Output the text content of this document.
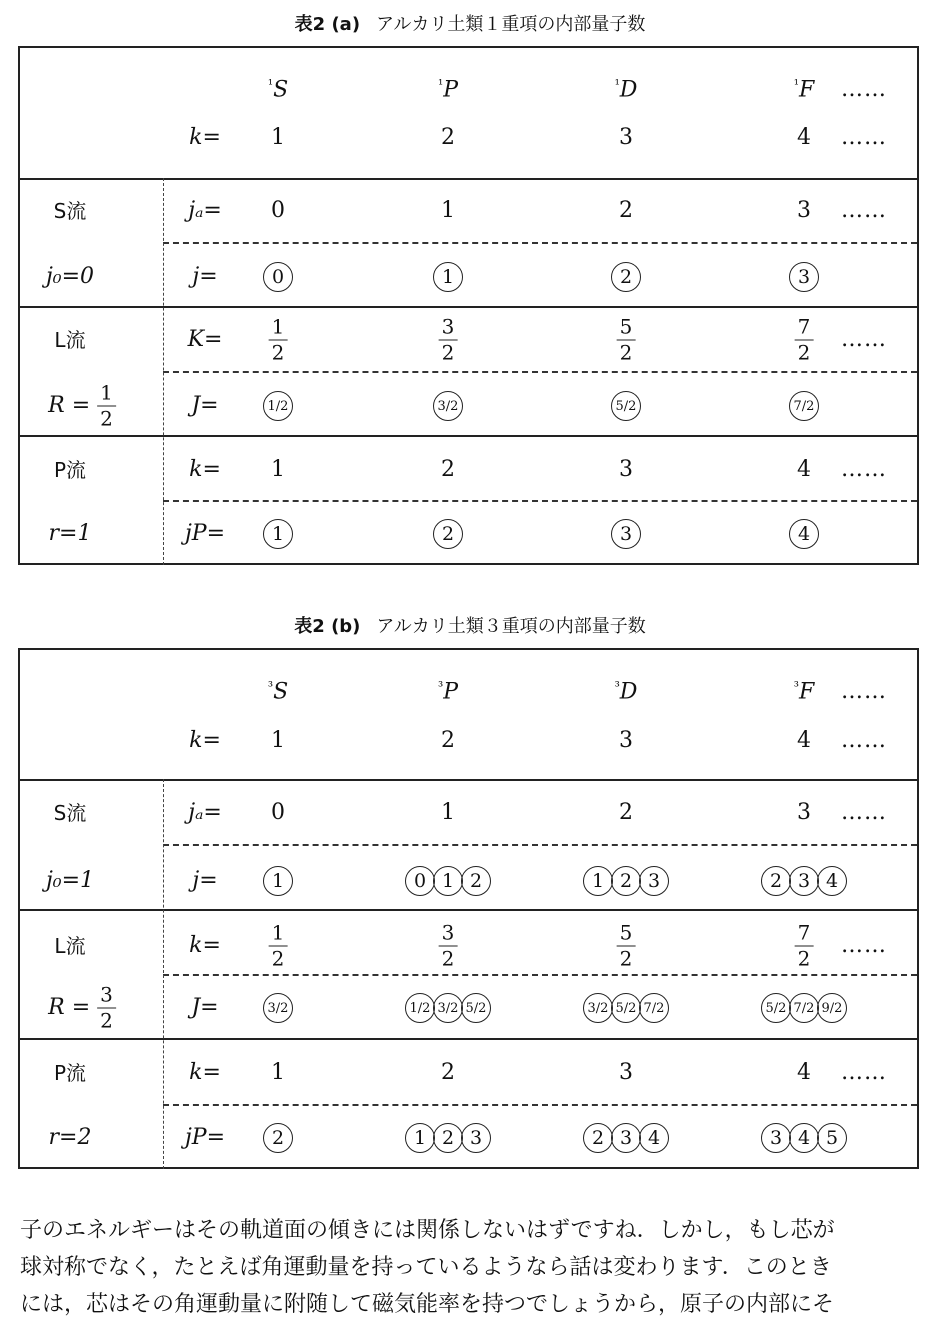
表2 (a) アルカリ土類１重項の内部量子数
$^{^1}$S	$^{^1}$P	$^{^1}$D	$^{^1}$F ……
k= 1	2	3	4 ……
S流
j₀=0
jₐ= 0	1	2	3 ……
j=	0	1	2	3
L流
$R = \frac{1}{2}$
$K= \frac{1}{2}$	$\frac{3}{2}$	$\frac{5}{2}$	$\frac{7}{2}$ ……
J=	1/2	3/2	5/2	7/2
P流
r=1
k= 1	2	3	4 ……
jP=	1	2	3	4
表2 (b) アルカリ土類３重項の内部量子数
$^{^3}$S	$^{^3}$P	$^{^3}$D	$^{^3}$F ……
k= 1	2	3	4 ……
S流
j₀=1
jₐ= 0	1	2	3 ……
j=	1	0 1 2	1 2 3	2 3 4
L流
$R = \frac{3}{2}$
$k= \frac{1}{2}$	$\frac{3}{2}$	$\frac{5}{2}$	$\frac{7}{2}$ ……
J=	3/2	1/2 3/2 5/2	3/2 5/2 7/2	5/2 7/2 9/2
P流
r=2
k= 1	2	3	4 ……
jP=	2	1 2 3	2 3 4	3 4 5
子のエネルギーはその軌道面の傾きには関係しないはずですね．しかし，もし芯が
球対称でなく，たとえば角運動量を持っているようなら話は変わります．このとき
には，芯はその角運動量に附随して磁気能率を持つでしょうから，原子の内部にそ
